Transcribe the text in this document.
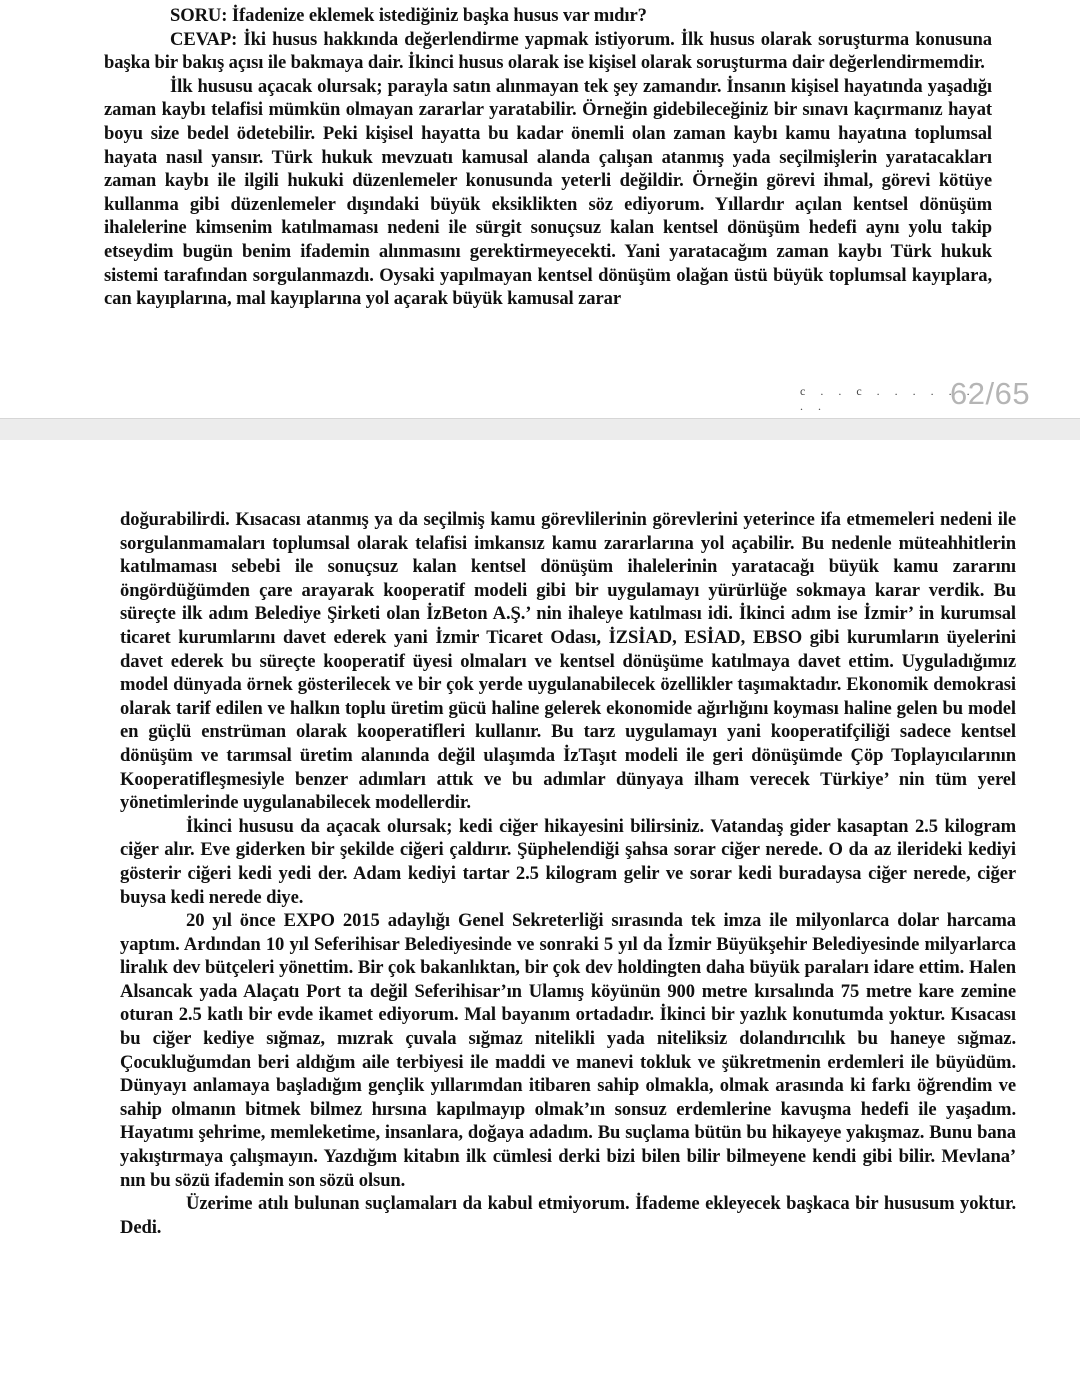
SORU: İfadenize eklemek istediğiniz başka husus var mıdır?

CEVAP: İki husus hakkında değerlendirme yapmak istiyorum. İlk husus olarak soruşturma konusuna başka bir bakış açısı ile bakmaya dair. İkinci husus olarak ise kişisel olarak soruşturma dair değerlendirmemdir.

İlk hususu açacak olursak; parayla satın alınmayan tek şey zamandır. İnsanın kişisel hayatında yaşadığı zaman kaybı telafisi mümkün olmayan zararlar yaratabilir. Örneğin gidebileceğiniz bir sınavı kaçırmanız hayat boyu size bedel ödetebilir. Peki kişisel hayatta bu kadar önemli olan zaman kaybı kamu hayatına toplumsal hayata nasıl yansır. Türk hukuk mevzuatı kamusal alanda çalışan atanmış yada seçilmişlerin yaratacakları zaman kaybı ile ilgili hukuki düzenlemeler konusunda yeterli değildir. Örneğin görevi ihmal, görevi kötüye kullanma gibi düzenlemeler dışındaki büyük eksiklikten söz ediyorum. Yıllardır açılan kentsel dönüşüm ihalelerine kimsenim katılmaması nedeni ile sürgit sonuçsuz kalan kentsel dönüşüm hedefi aynı yolu takip etseydim bugün benim ifademin alınmasını gerektirmeyecekti. Yani yaratacağım zaman kaybı Türk hukuk sistemi tarafından sorgulanmazdı. Oysaki yapılmayan kentsel dönüşüm olağan üstü büyük toplumsal kayıplara, can kayıplarına, mal kayıplarına yol açarak büyük kamusal zarar

c . . c . . . . . . . .	62/65

doğurabilirdi. Kısacası atanmış ya da seçilmiş kamu görevlilerinin görevlerini yeterince ifa etmemeleri nedeni ile sorgulanmamaları toplumsal olarak telafisi imkansız kamu zararlarına yol açabilir. Bu nedenle müteahhitlerin katılmaması sebebi ile sonuçsuz kalan kentsel dönüşüm ihalelerinin yaratacağı büyük kamu zararını öngördüğümden çare arayarak kooperatif modeli gibi bir uygulamayı yürürlüğe sokmaya karar verdik. Bu süreçte ilk adım Belediye Şirketi olan İzBeton A.Ş.’ nin ihaleye katılması idi. İkinci adım ise İzmir’ in kurumsal ticaret kurumlarını davet ederek yani İzmir Ticaret Odası, İZSİAD, ESİAD, EBSO gibi kurumların üyelerini davet ederek bu süreçte kooperatif üyesi olmaları ve kentsel dönüşüme katılmaya davet ettim. Uyguladığımız model dünyada örnek gösterilecek ve bir çok yerde uygulanabilecek özellikler taşımaktadır. Ekonomik demokrasi olarak tarif edilen ve halkın toplu üretim gücü haline gelerek ekonomide ağırlığını koyması haline gelen bu model en güçlü enstrüman olarak kooperatifleri kullanır. Bu tarz uygulamayı yani kooperatifçiliği sadece kentsel dönüşüm ve tarımsal üretim alanında değil ulaşımda İzTaşıt modeli ile geri dönüşümde Çöp Toplayıcılarının Kooperatifleşmesiyle benzer adımları attık ve bu adımlar dünyaya ilham verecek Türkiye’ nin tüm yerel yönetimlerinde uygulanabilecek modellerdir.

İkinci hususu da açacak olursak; kedi ciğer hikayesini bilirsiniz. Vatandaş gider kasaptan 2.5 kilogram ciğer alır. Eve giderken bir şekilde ciğeri çaldırır. Şüphelendiği şahsa sorar ciğer nerede. O da az ilerideki kediyi gösterir ciğeri kedi yedi der. Adam kediyi tartar 2.5 kilogram gelir ve sorar kedi buradaysa ciğer nerede, ciğer buysa kedi nerede diye.

20 yıl önce EXPO 2015 adaylığı Genel Sekreterliği sırasında tek imza ile milyonlarca dolar harcama yaptım. Ardından 10 yıl Seferihisar Belediyesinde ve sonraki 5 yıl da İzmir Büyükşehir Belediyesinde milyarlarca liralık dev bütçeleri yönettim. Bir çok bakanlıktan, bir çok dev holdingten daha büyük paraları idare ettim. Halen Alsancak yada Alaçatı Port ta değil Seferihisar’ın Ulamış köyünün 900 metre kırsalında 75 metre kare zemine oturan 2.5 katlı bir evde ikamet ediyorum. Mal bayanım ortadadır. İkinci bir yazlık konutumda yoktur. Kısacası bu ciğer kediye sığmaz, mızrak çuvala sığmaz nitelikli yada niteliksiz dolandırıcılık bu haneye sığmaz. Çocukluğumdan beri aldığım aile terbiyesi ile maddi ve manevi tokluk ve şükretmenin erdemleri ile büyüdüm. Dünyayı anlamaya başladığım gençlik yıllarımdan itibaren sahip olmakla, olmak arasında ki farkı öğrendim ve sahip olmanın bitmek bilmez hırsına kapılmayıp olmak’ın sonsuz erdemlerine kavuşma hedefi ile yaşadım. Hayatımı şehrime, memleketime, insanlara, doğaya adadım. Bu suçlama bütün bu hikayeye yakışmaz. Bunu bana yakıştırmaya çalışmayın. Yazdığım kitabın ilk cümlesi derki bizi bilen bilir bilmeyene kendi gibi bilir. Mevlana’ nın bu sözü ifademin son sözü olsun.

Üzerime atılı bulunan suçlamaları da kabul etmiyorum. İfademe ekleyecek başkaca bir hususum yoktur. Dedi.
